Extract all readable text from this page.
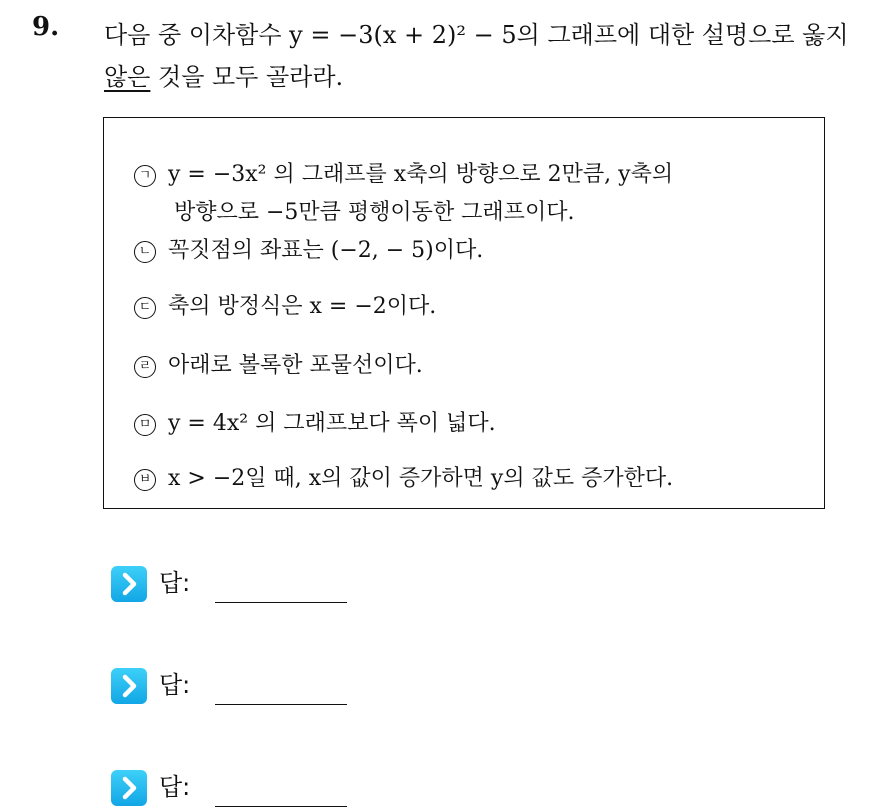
9. 다음 중 이차함수 y = −3(x + 2)² − 5의 그래프에 대한 설명으로 옳지
않은 것을 모두 골라라.
ㄱ y = −3x² 의 그래프를 x축의 방향으로 2만큼, y축의
방향으로 −5만큼 평행이동한 그래프이다.
ㄴ 꼭짓점의 좌표는 (−2, − 5)이다.
ㄷ 축의 방정식은 x = −2이다.
ㄹ 아래로 볼록한 포물선이다.
ㅁ y = 4x² 의 그래프보다 폭이 넓다.
ㅂ x > −2일 때, x의 값이 증가하면 y의 값도 증가한다.
답:
답:
답:
